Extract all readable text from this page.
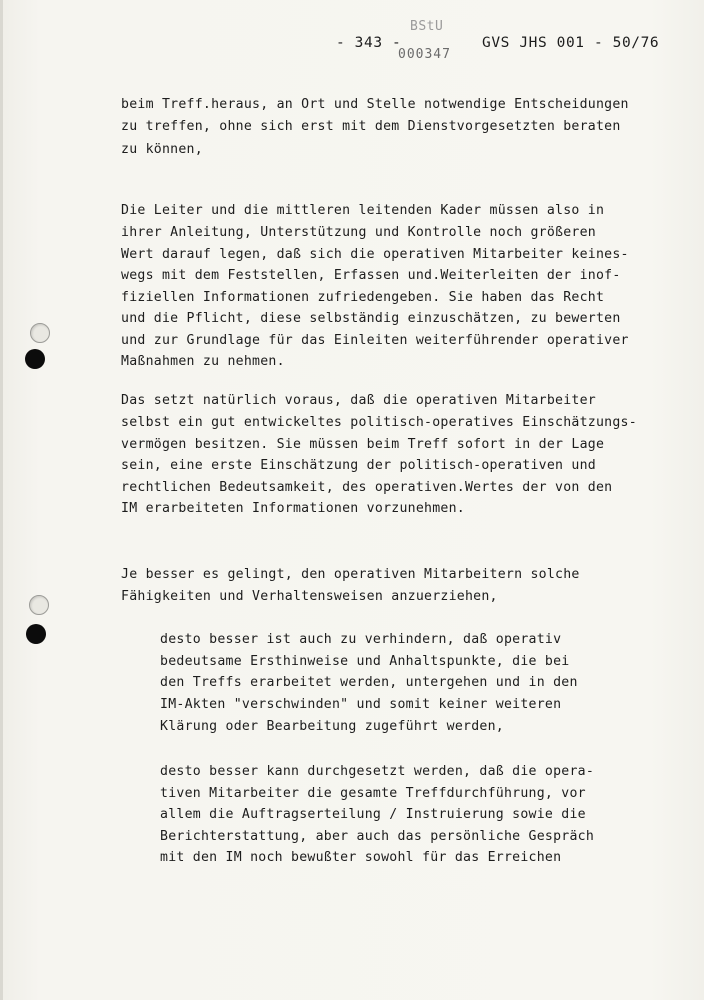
- 343 -
BStU
000347
GVS JHS 001 - 50/76
beim Treff.heraus, an Ort und Stelle notwendige Entscheidungen
zu treffen, ohne sich erst mit dem Dienstvorgesetzten beraten
zu können,
Die Leiter und die mittleren leitenden Kader müssen also in
ihrer Anleitung, Unterstützung und Kontrolle noch größeren
Wert darauf legen, daß sich die operativen Mitarbeiter keines-
wegs mit dem Feststellen, Erfassen und.Weiterleiten der inof-
fiziellen Informationen zufriedengeben. Sie haben das Recht
und die Pflicht, diese selbständig einzuschätzen, zu bewerten
und zur Grundlage für das Einleiten weiterführender operativer
Maßnahmen zu nehmen.
Das setzt natürlich voraus, daß die operativen Mitarbeiter
selbst ein gut entwickeltes politisch-operatives Einschätzungs-
vermögen besitzen. Sie müssen beim Treff sofort in der Lage
sein, eine erste Einschätzung der politisch-operativen und
rechtlichen Bedeutsamkeit, des operativen.Wertes der von den
IM erarbeiteten Informationen vorzunehmen.
Je besser es gelingt, den operativen Mitarbeitern solche
Fähigkeiten und Verhaltensweisen anzuerziehen,
desto besser ist auch zu verhindern, daß operativ
bedeutsame Ersthinweise und Anhaltspunkte, die bei
den Treffs erarbeitet werden, untergehen und in den
IM-Akten "verschwinden" und somit keiner weiteren
Klärung oder Bearbeitung zugeführt werden,
desto besser kann durchgesetzt werden, daß die opera-
tiven Mitarbeiter die gesamte Treffdurchführung, vor
allem die Auftragserteilung / Instruierung sowie die
Berichterstattung, aber auch das persönliche Gespräch
mit den IM noch bewußter sowohl für das Erreichen
